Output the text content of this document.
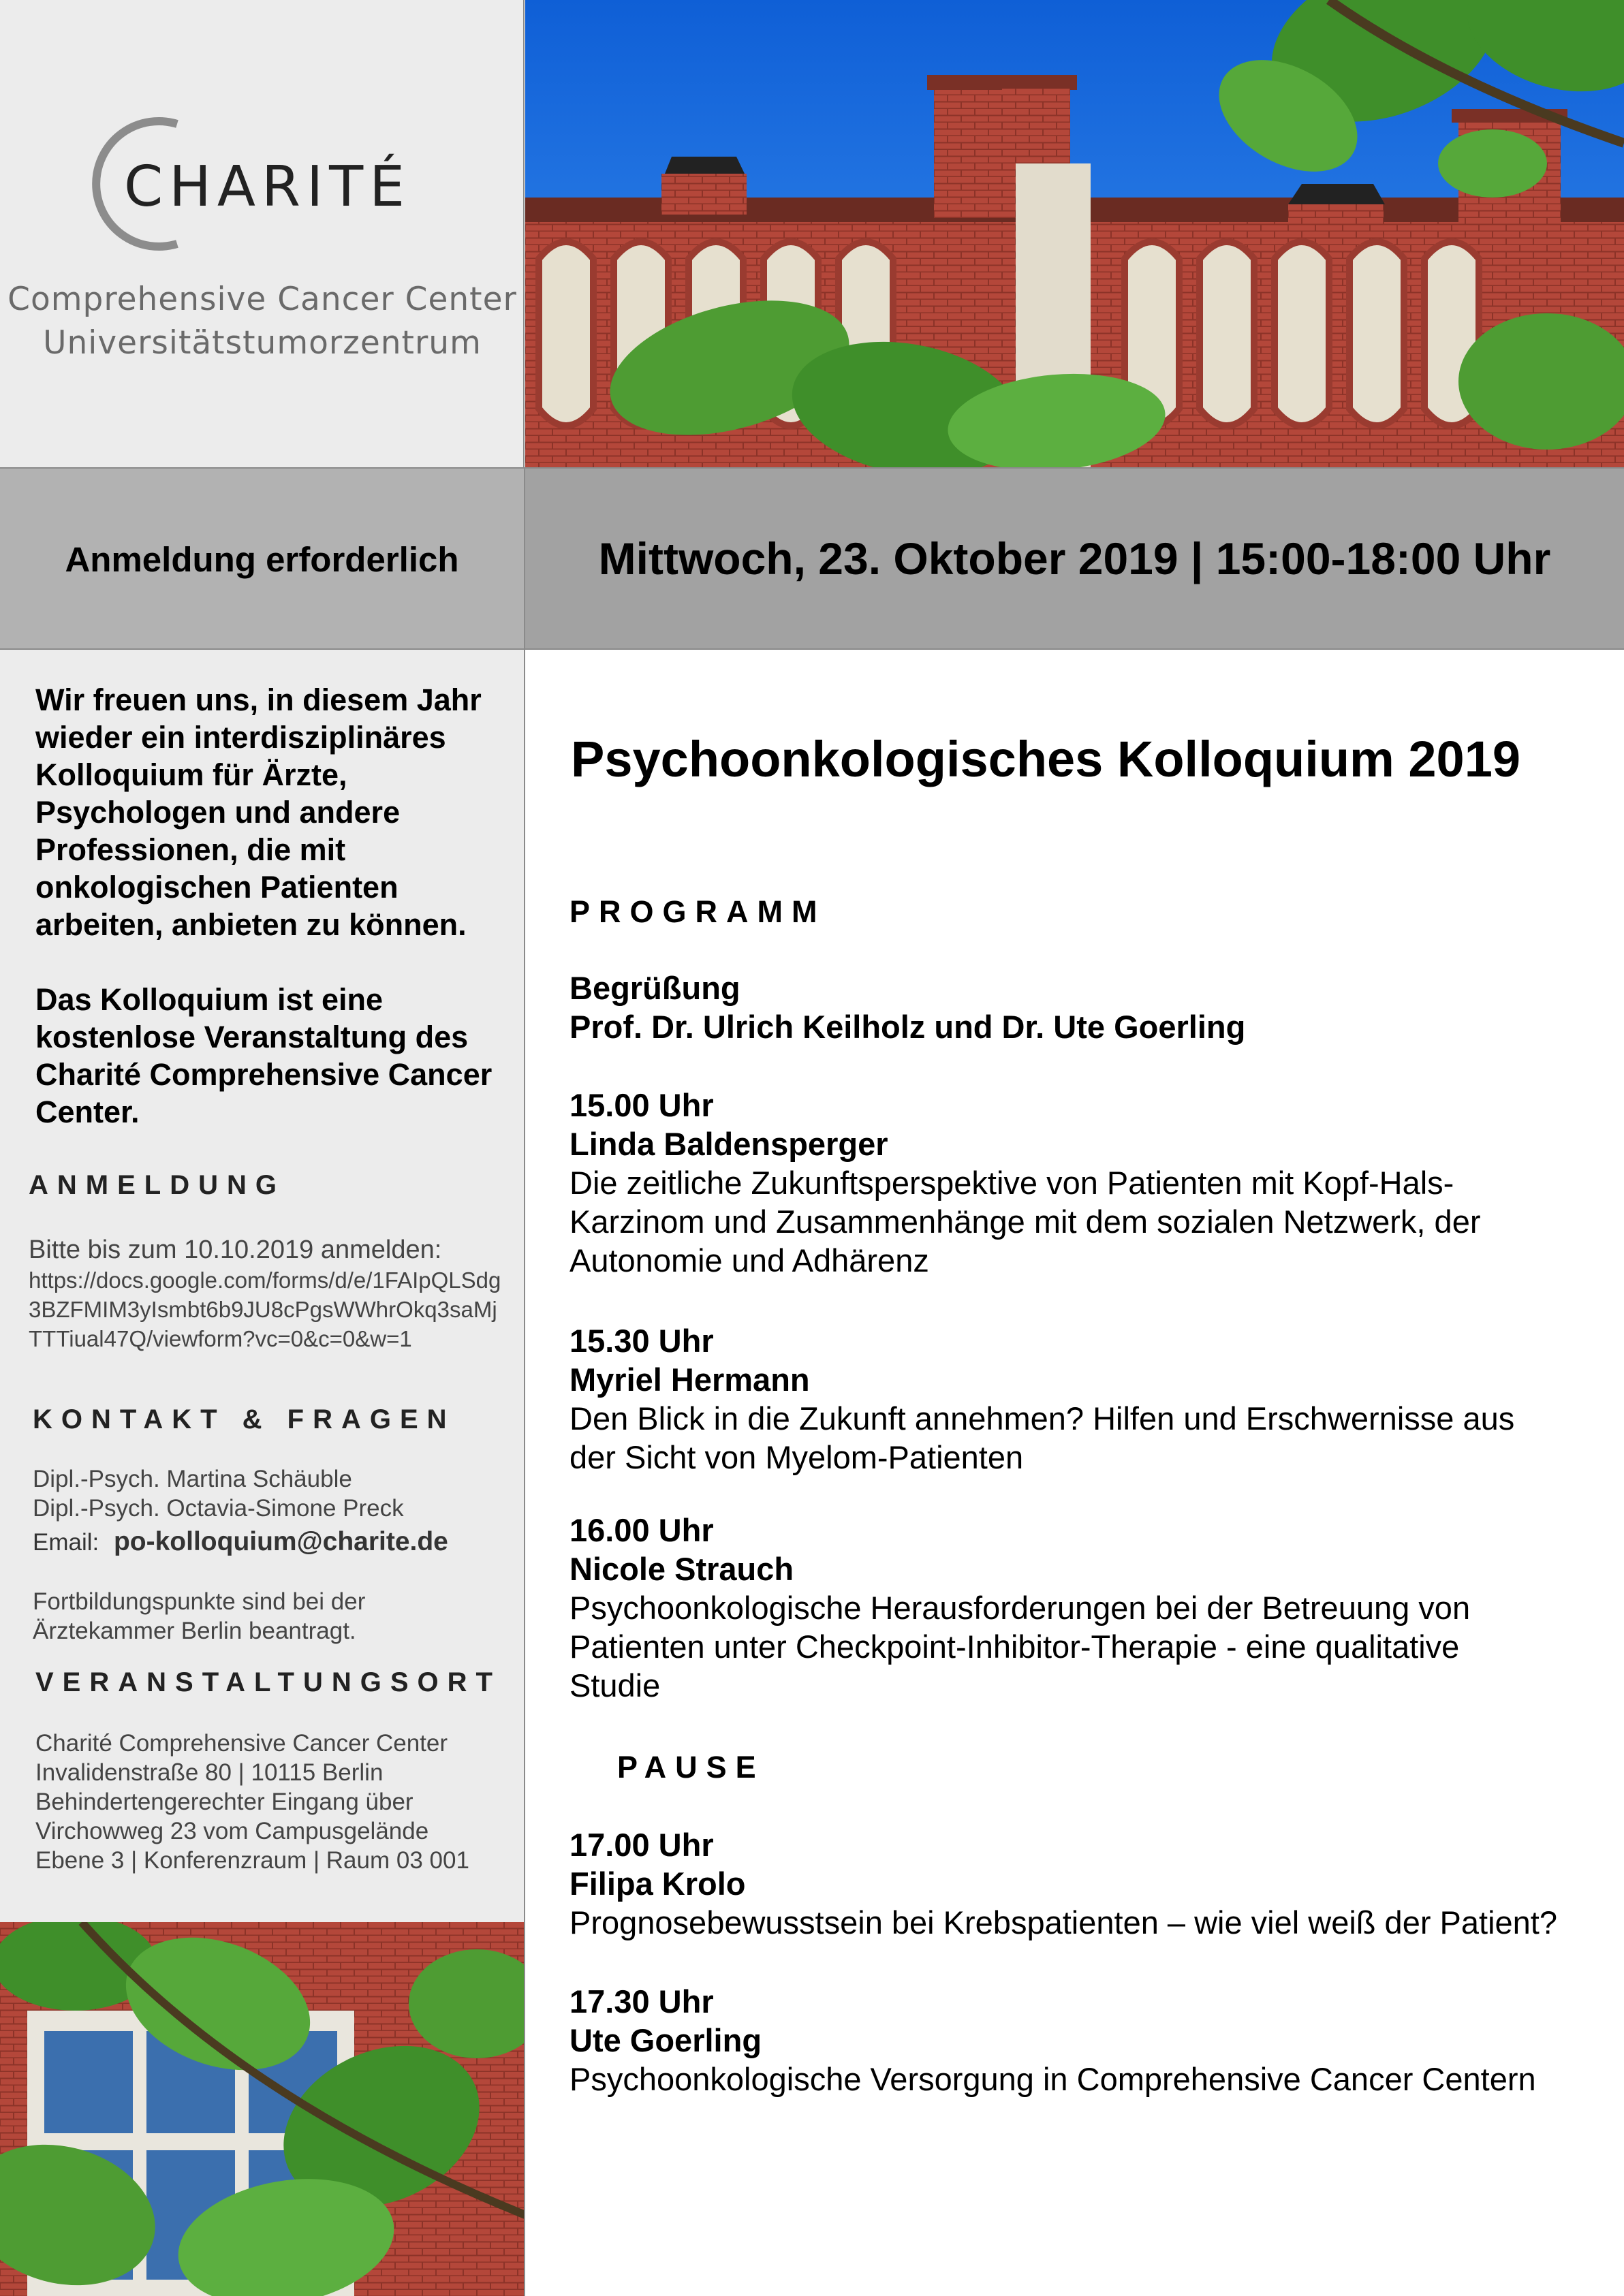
CHARITÉ
Comprehensive Cancer Center
Universitätstumorzentrum
Anmeldung erforderlich	Mittwoch, 23. Oktober 2019 | 15:00-18:00 Uhr

Wir freuen uns, in diesem Jahr wieder ein interdisziplinäres Kolloquium für Ärzte, Psychologen und andere Professionen, die mit onkologischen Patienten arbeiten, anbieten zu können.

Das Kolloquium ist eine kostenlose Veranstaltung des Charité Comprehensive Cancer Center.

ANMELDUNG

Bitte bis zum 10.10.2019 anmelden:

https://docs.google.com/forms/d/e/1FAIpQLSdg3BZFMIM3yIsmbt6b9JU8cPgsWWhrOkq3saMjTTTiual47Q/viewform?vc=0&c=0&w=1

KONTAKT & FRAGEN

Dipl.-Psych. Martina Schäuble
Dipl.-Psych. Octavia-Simone Preck
Email: po-kolloquium@charite.de
Fortbildungspunkte sind bei der
Ärztekammer Berlin beantragt.

VERANSTALTUNGSORT

Charité Comprehensive Cancer Center
Invalidenstraße 80 | 10115 Berlin
Behindertengerechter Eingang über
Virchowweg 23 vom Campusgelände

Ebene 3 | Konferenzraum | Raum 03 001

Psychoonkologisches Kolloquium 2019

PROGRAMM

Begrüßung
Prof. Dr. Ulrich Keilholz und Dr. Ute Goerling
15.00 Uhr
Linda Baldensperger
Die zeitliche Zukunftsperspektive von Patienten mit Kopf-Hals-
Karzinom und Zusammenhänge mit dem sozialen Netzwerk, der
Autonomie und Adhärenz
15.30 Uhr
Myriel Hermann
Den Blick in die Zukunft annehmen? Hilfen und Erschwernisse aus
der Sicht von Myelom-Patienten
16.00 Uhr
Nicole Strauch
Psychoonkologische Herausforderungen bei der Betreuung von
Patienten unter Checkpoint-Inhibitor-Therapie - eine qualitative
Studie

PAUSE

17.00 Uhr
Filipa Krolo
Prognosebewusstsein bei Krebspatienten – wie viel weiß der Patient?
17.30 Uhr
Ute Goerling
Psychoonkologische Versorgung in Comprehensive Cancer Centern
